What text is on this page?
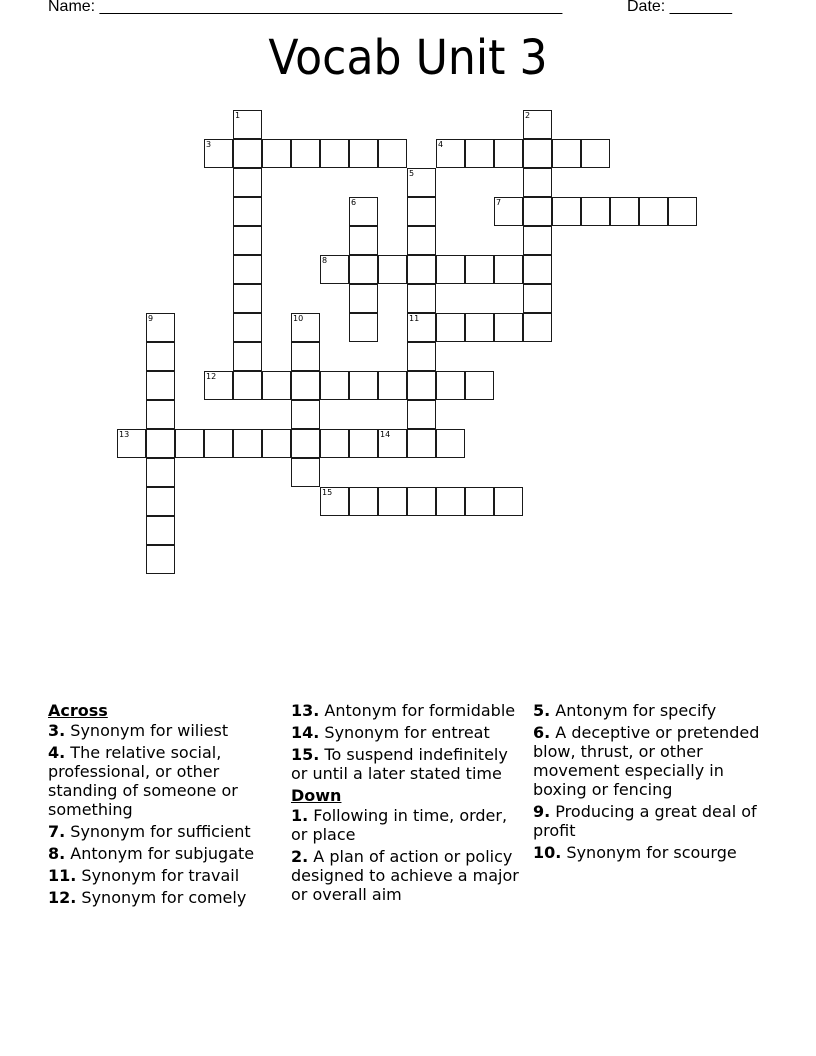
Name: ____________________________________________________	Date: _______
Vocab Unit 3
1	2
3	4
5
11
6	7
8
9	10
12
13	14
15
Across
3. Synonym for wiliest
4. The relative social, professional, or other standing of someone or something
7. Synonym for sufficient
8. Antonym for subjugate
11. Synonym for travail
12. Synonym for comely
13. Antonym for formidable
14. Synonym for entreat
15. To suspend indefinitely or until a later stated time
Down
1. Following in time, order, or place
2. A plan of action or policy designed to achieve a major or overall aim
5. Antonym for specify
6. A deceptive or pretended blow, thrust, or other movement especially in boxing or fencing
9. Producing a great deal of profit
10. Synonym for scourge
